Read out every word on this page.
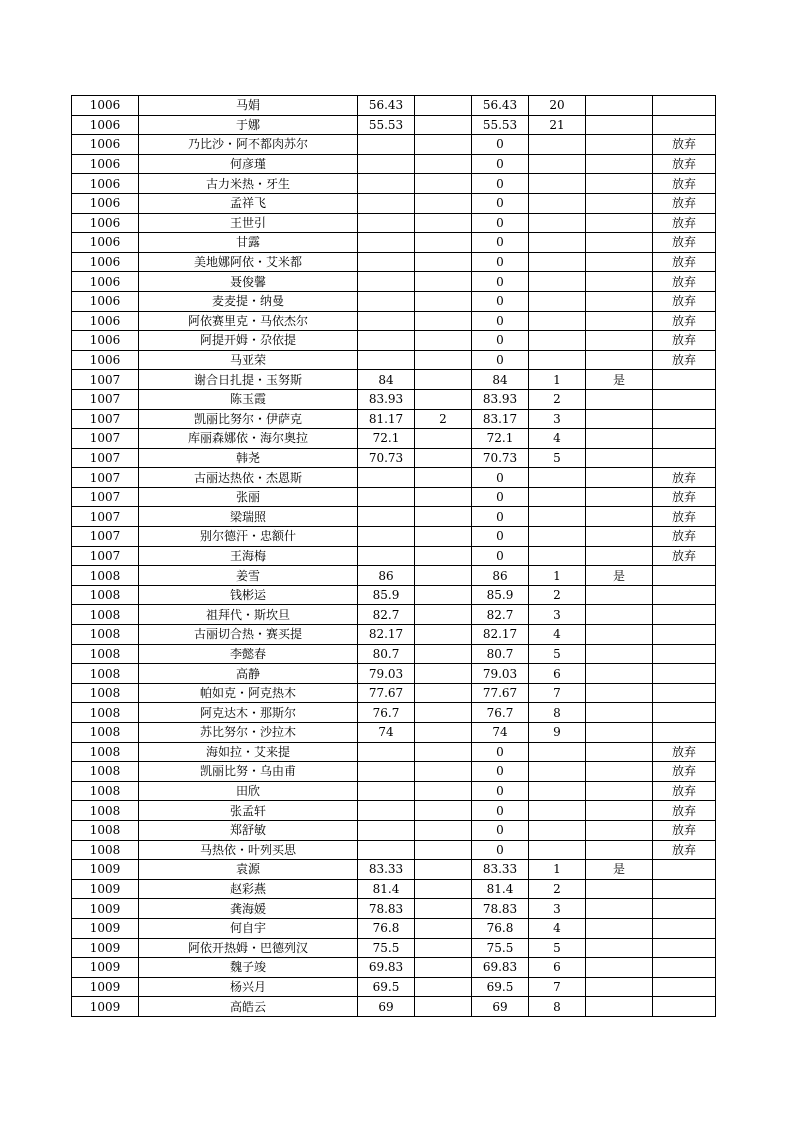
1006	马娟	56.43		56.43	20		
1006	于娜	55.53		55.53	21		
1006	乃比沙・阿不都肉苏尔			0			放弃
1006	何彦瑾			0			放弃
1006	古力米热・牙生			0			放弃
1006	孟祥飞			0			放弃
1006	王世引			0			放弃
1006	甘露			0			放弃
1006	美地娜阿依・艾米都			0			放弃
1006	聂俊馨			0			放弃
1006	麦麦提・纳曼			0			放弃
1006	阿依赛里克・马依杰尔			0			放弃
1006	阿提开姆・尕依提			0			放弃
1006	马亚荣			0			放弃
1007	谢合日扎提・玉努斯	84		84	1	是	
1007	陈玉霞	83.93		83.93	2		
1007	凯丽比努尔・伊萨克	81.17	2	83.17	3		
1007	库丽森娜依・海尔奥拉	72.1		72.1	4		
1007	韩尧	70.73		70.73	5		
1007	古丽达热依・杰恩斯			0			放弃
1007	张丽			0			放弃
1007	梁瑞照			0			放弃
1007	别尔德汗・忠额什			0			放弃
1007	王海梅			0			放弃
1008	姜雪	86		86	1	是	
1008	钱彬运	85.9		85.9	2		
1008	祖拜代・斯坎旦	82.7		82.7	3		
1008	古丽切合热・赛买提	82.17		82.17	4		
1008	李懿春	80.7		80.7	5		
1008	高静	79.03		79.03	6		
1008	帕如克・阿克热木	77.67		77.67	7		
1008	阿克达木・那斯尔	76.7		76.7	8		
1008	苏比努尔・沙拉木	74		74	9		
1008	海如拉・艾来提			0			放弃
1008	凯丽比努・乌由甫			0			放弃
1008	田欣			0			放弃
1008	张孟轩			0			放弃
1008	郑舒敏			0			放弃
1008	马热依・叶列买思			0			放弃
1009	袁源	83.33		83.33	1	是	
1009	赵彩燕	81.4		81.4	2		
1009	龚海媛	78.83		78.83	3		
1009	何自宇	76.8		76.8	4		
1009	阿依开热姆・巴德列汉	75.5		75.5	5		
1009	魏子竣	69.83		69.83	6		
1009	杨兴月	69.5		69.5	7		
1009	高皓云	69		69	8		
